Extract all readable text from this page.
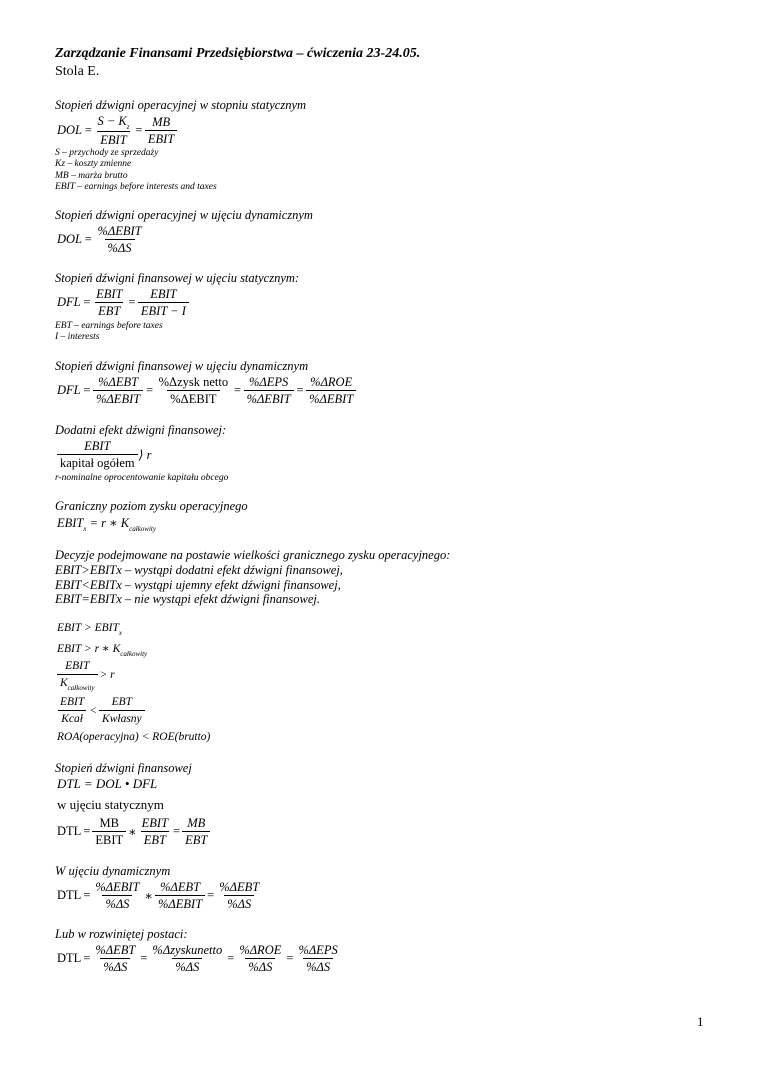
Zarządzanie Finansami Przedsiębiorstwa – ćwiczenia 23-24.05.
Stola E.
Stopień dźwigni operacyjnej w stopniu statycznym
DOL = $\frac{S - K_z}{\text{EBIT}} = \frac{MB}{\text{EBIT}}$
S – przychody ze sprzedaży
Kz – koszty zmienne
MB – marża brutto
EBIT – earnings before interests and taxes
Stopień dźwigni operacyjnej w ujęciu dynamicznym
DOL = $\frac{\text{\%ΔEBIT}}{\%\Delta S}$
Stopień dźwigni finansowej w ujęciu statycznym:
DFL = $\frac{\text{EBIT}}{\text{EBT}} = \frac{\text{EBIT}}{\text{EBIT − I}}$
EBT – earnings before taxes
I – interests
Stopień dźwigni finansowej w ujęciu dynamicznym
DFL = $\frac{\text{\%ΔEBT}}{\text{\%ΔEBIT}} = \frac{\text{\%Δzysk netto}}{\text{\%ΔEBIT}} = \frac{\text{\%ΔEPS}}{\text{\%ΔEBIT}} = \frac{\text{\%ΔROE}}{\text{\%ΔEBIT}}$
Dodatni efekt dźwigni finansowej:
$\frac{\text{EBIT}}{\text{kapitał ogółem}}$ ⟩ r
r-nominalne oprocentowanie kapitału obcego
Graniczny poziom zysku operacyjnego
$EBIT_x = r$ ∗ $K_{całkowity}$
Decyzje podejmowane na postawie wielkości granicznego zysku operacyjnego:
EBIT>EBITx – wystąpi dodatni efekt dźwigni finansowej,
EBIT<EBITx – wystąpi ujemny efekt dźwigni finansowej,
EBIT=EBITx – nie wystąpi efekt dźwigni finansowej.
EBIT > $EBIT_x$
EBIT > r ∗ $K_{całkowity}$
$\frac{\text{EBIT}}{K_{całkowity}} > r$
$\frac{\text{EBIT}}{\text{Kcał}} < \frac{\text{EBT}}{\text{Kwłasny}}$
ROA(operacyjna) < ROE(brutto)
Stopień dźwigni finansowej
DTL = DOL • DFL
w ujęciu statycznym
DTL = $\frac{MB}{\text{EBIT}}$ ∗ $\frac{\text{EBIT}}{\text{EBT}} = \frac{MB}{\text{EBT}}$
W ujęciu dynamicznym
DTL = $\frac{\text{\%ΔEBIT}}{\%\Delta S}$ ∗ $\frac{\text{\%ΔEBT}}{\text{\%ΔEBIT}} = \frac{\text{\%ΔEBT}}{\%\Delta S}$
Lub w rozwiniętej postaci:
DTL = $\frac{\text{\%ΔEBT}}{\%\Delta S} = \frac{\text{\%Δzyskunetto}}{\%\Delta S} = \frac{\text{\%ΔROE}}{\%\Delta S} = \frac{\text{\%ΔEPS}}{\%\Delta S}$
1
